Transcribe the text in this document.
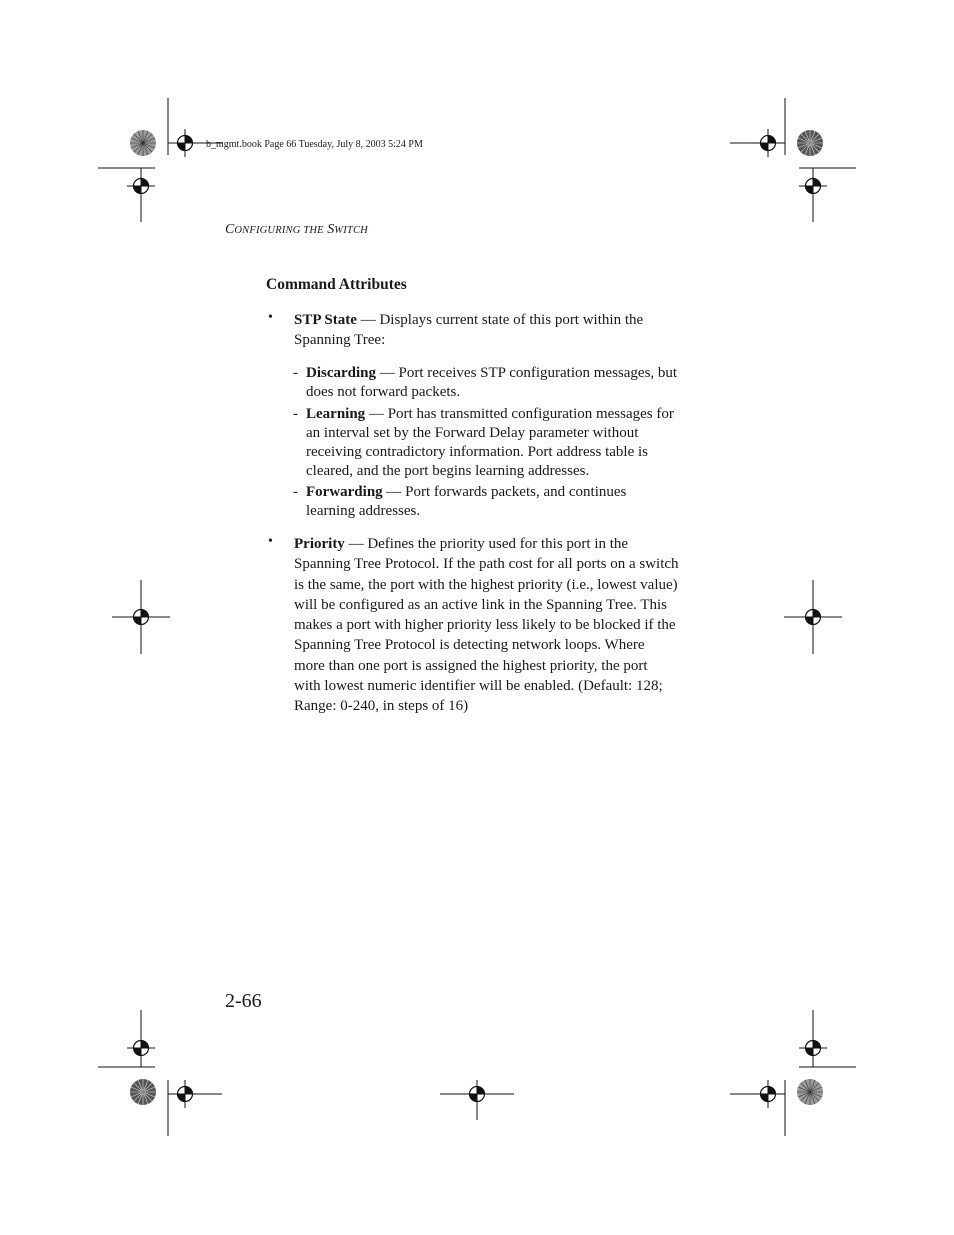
b_mgmt.book Page 66 Tuesday, July 8, 2003 5:24 PM
CONFIGURING THE SWITCH
Command Attributes
• STP State — Displays current state of this port within the
Spanning Tree:
- Discarding — Port receives STP configuration messages, but
does not forward packets.
- Learning — Port has transmitted configuration messages for
an interval set by the Forward Delay parameter without
receiving contradictory information. Port address table is
cleared, and the port begins learning addresses.
- Forwarding — Port forwards packets, and continues
learning addresses.
• Priority — Defines the priority used for this port in the
Spanning Tree Protocol. If the path cost for all ports on a switch
is the same, the port with the highest priority (i.e., lowest value)
will be configured as an active link in the Spanning Tree. This
makes a port with higher priority less likely to be blocked if the
Spanning Tree Protocol is detecting network loops. Where
more than one port is assigned the highest priority, the port
with lowest numeric identifier will be enabled. (Default: 128;
Range: 0-240, in steps of 16)
2-66
